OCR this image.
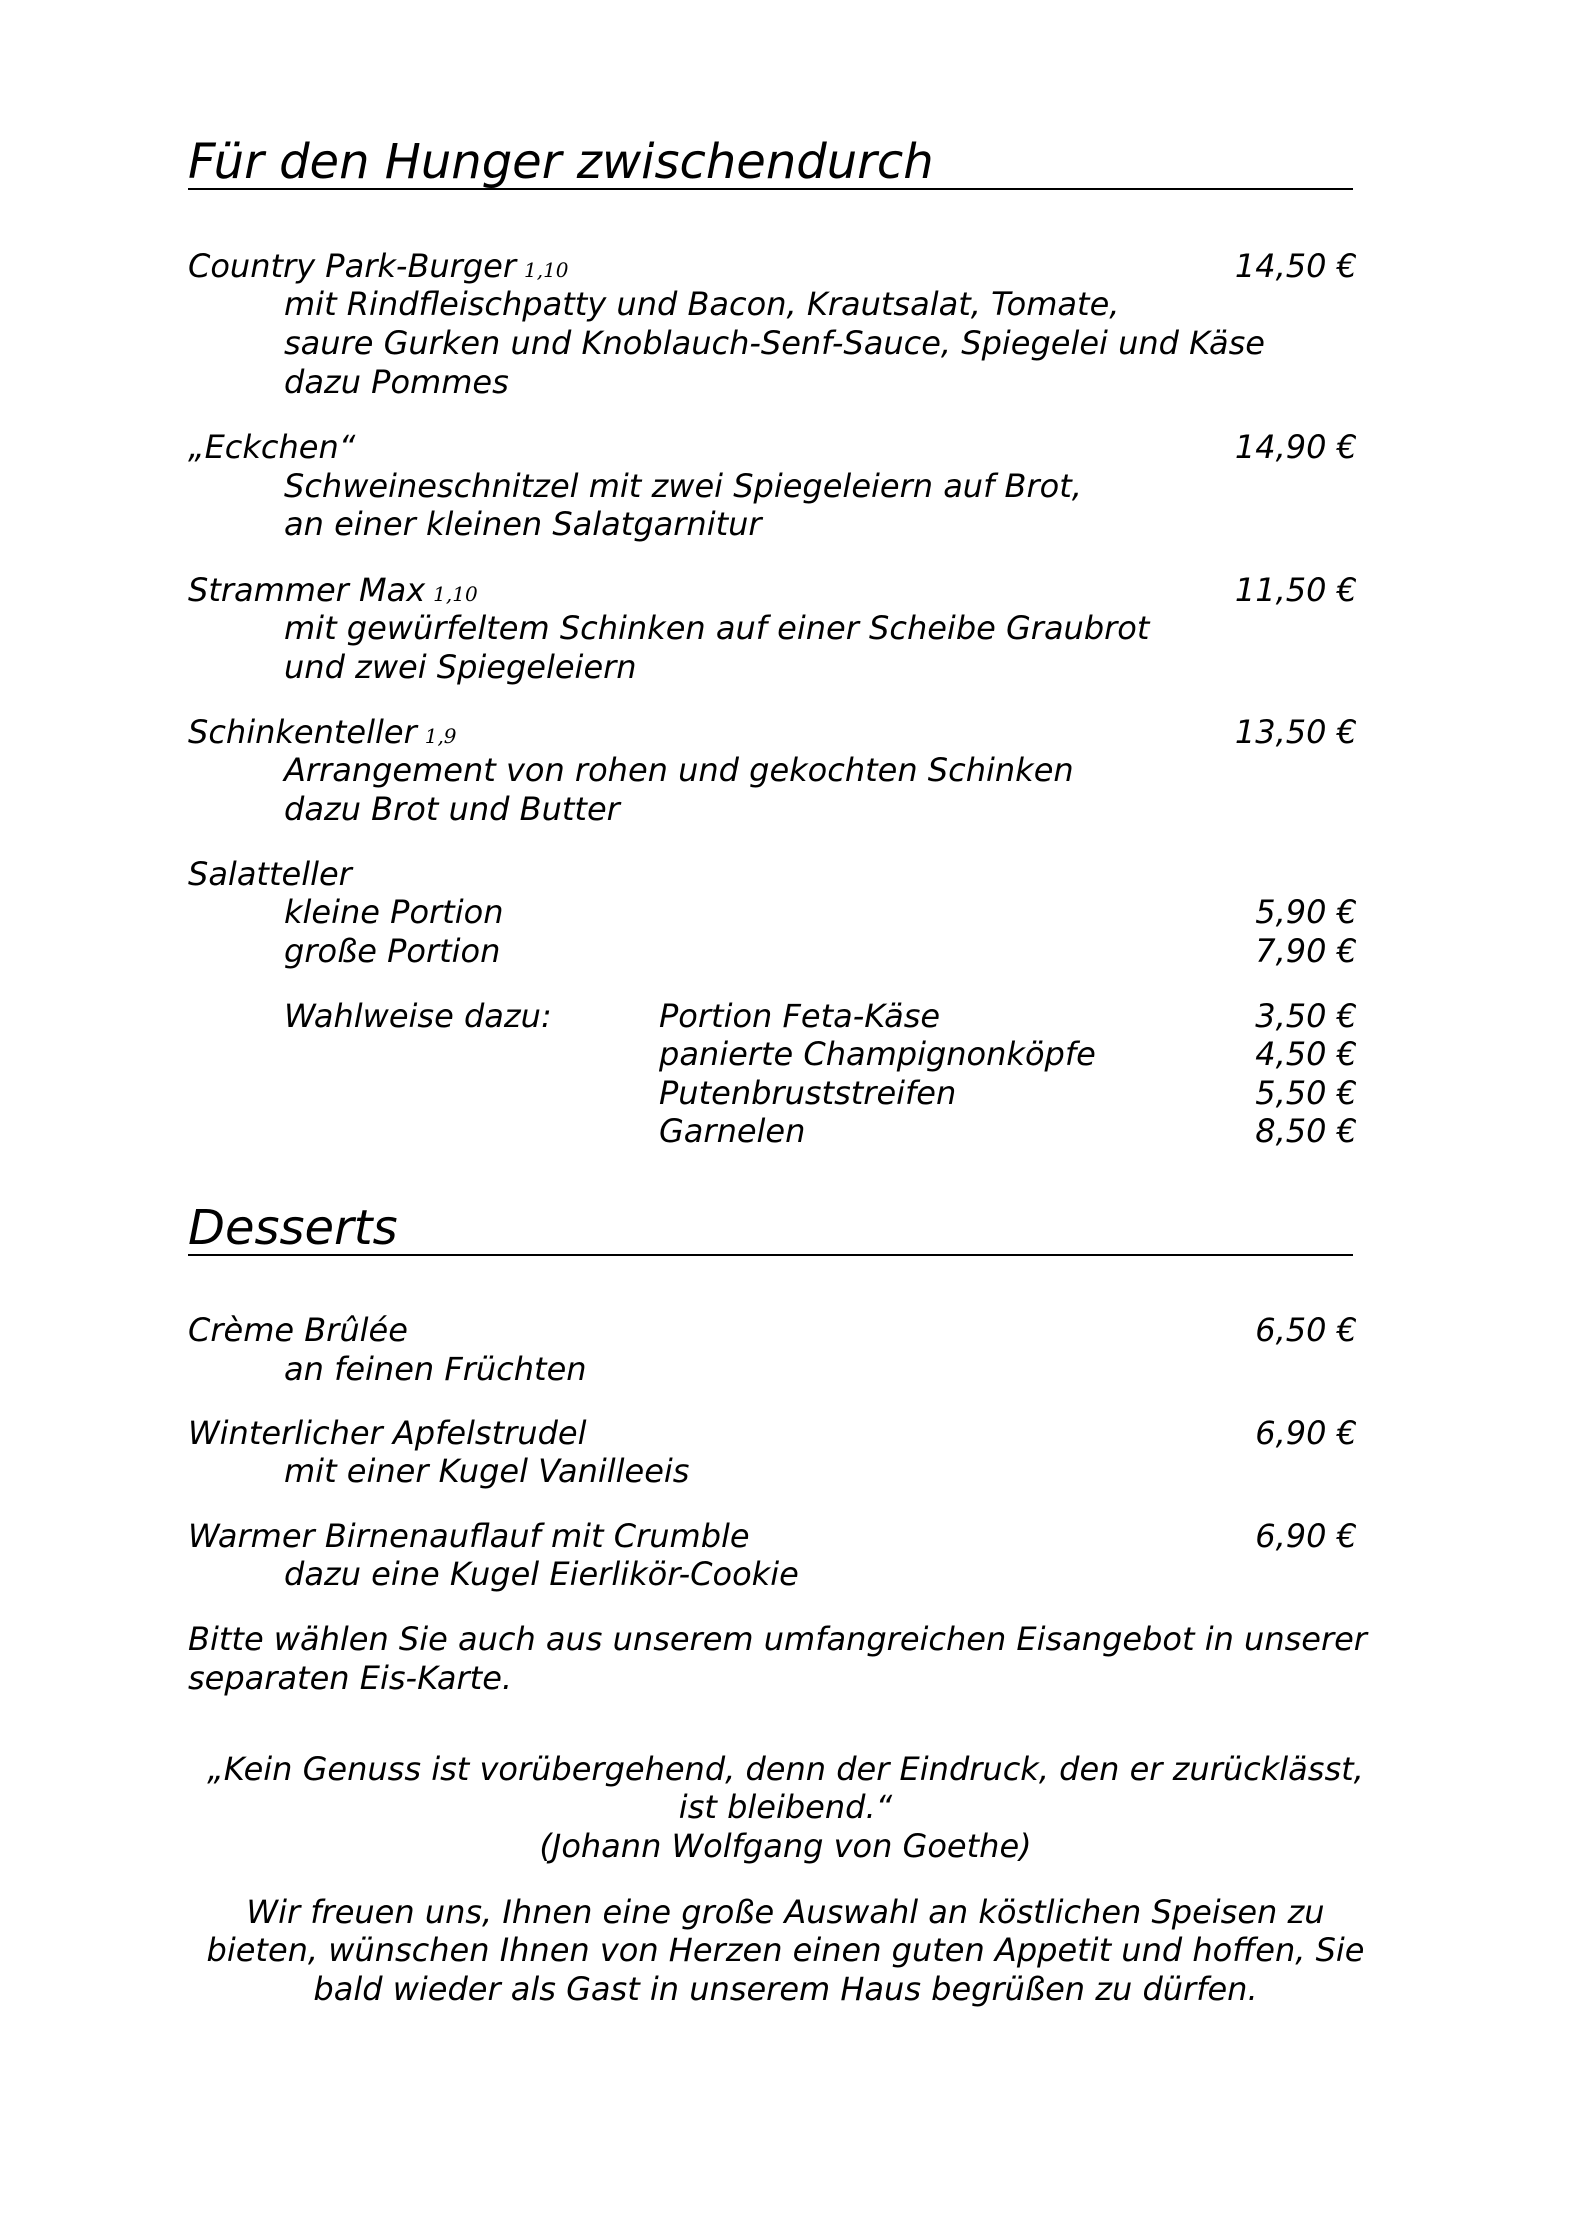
Für den Hunger zwischendurch
Country Park-Burger 1,10	14,50 €
mit Rindfleischpatty und Bacon, Krautsalat, Tomate,
saure Gurken und Knoblauch-Senf-Sauce, Spiegelei und Käse
dazu Pommes
„Eckchen“	14,90 €
Schweineschnitzel mit zwei Spiegeleiern auf Brot,
an einer kleinen Salatgarnitur
Strammer Max 1,10	11,50 €
mit gewürfeltem Schinken auf einer Scheibe Graubrot
und zwei Spiegeleiern
Schinkenteller 1,9	13,50 €
Arrangement von rohen und gekochten Schinken
dazu Brot und Butter
Salatteller
kleine Portion	5,90 €
große Portion	7,90 €
Wahlweise dazu:	Portion Feta-Käse	3,50 €
panierte Champignonköpfe	4,50 €
Putenbruststreifen	5,50 €
Garnelen	8,50 €
Desserts
Crème Brûlée	6,50 €
an feinen Früchten
Winterlicher Apfelstrudel	6,90 €
mit einer Kugel Vanilleeis
Warmer Birnenauflauf mit Crumble	6,90 €
dazu eine Kugel Eierlikör-Cookie
Bitte wählen Sie auch aus unserem umfangreichen Eisangebot in unserer
separaten Eis-Karte.
„Kein Genuss ist vorübergehend, denn der Eindruck, den er zurücklässt,
ist bleibend.“
(Johann Wolfgang von Goethe)
Wir freuen uns, Ihnen eine große Auswahl an köstlichen Speisen zu
bieten, wünschen Ihnen von Herzen einen guten Appetit und hoffen, Sie
bald wieder als Gast in unserem Haus begrüßen zu dürfen.
